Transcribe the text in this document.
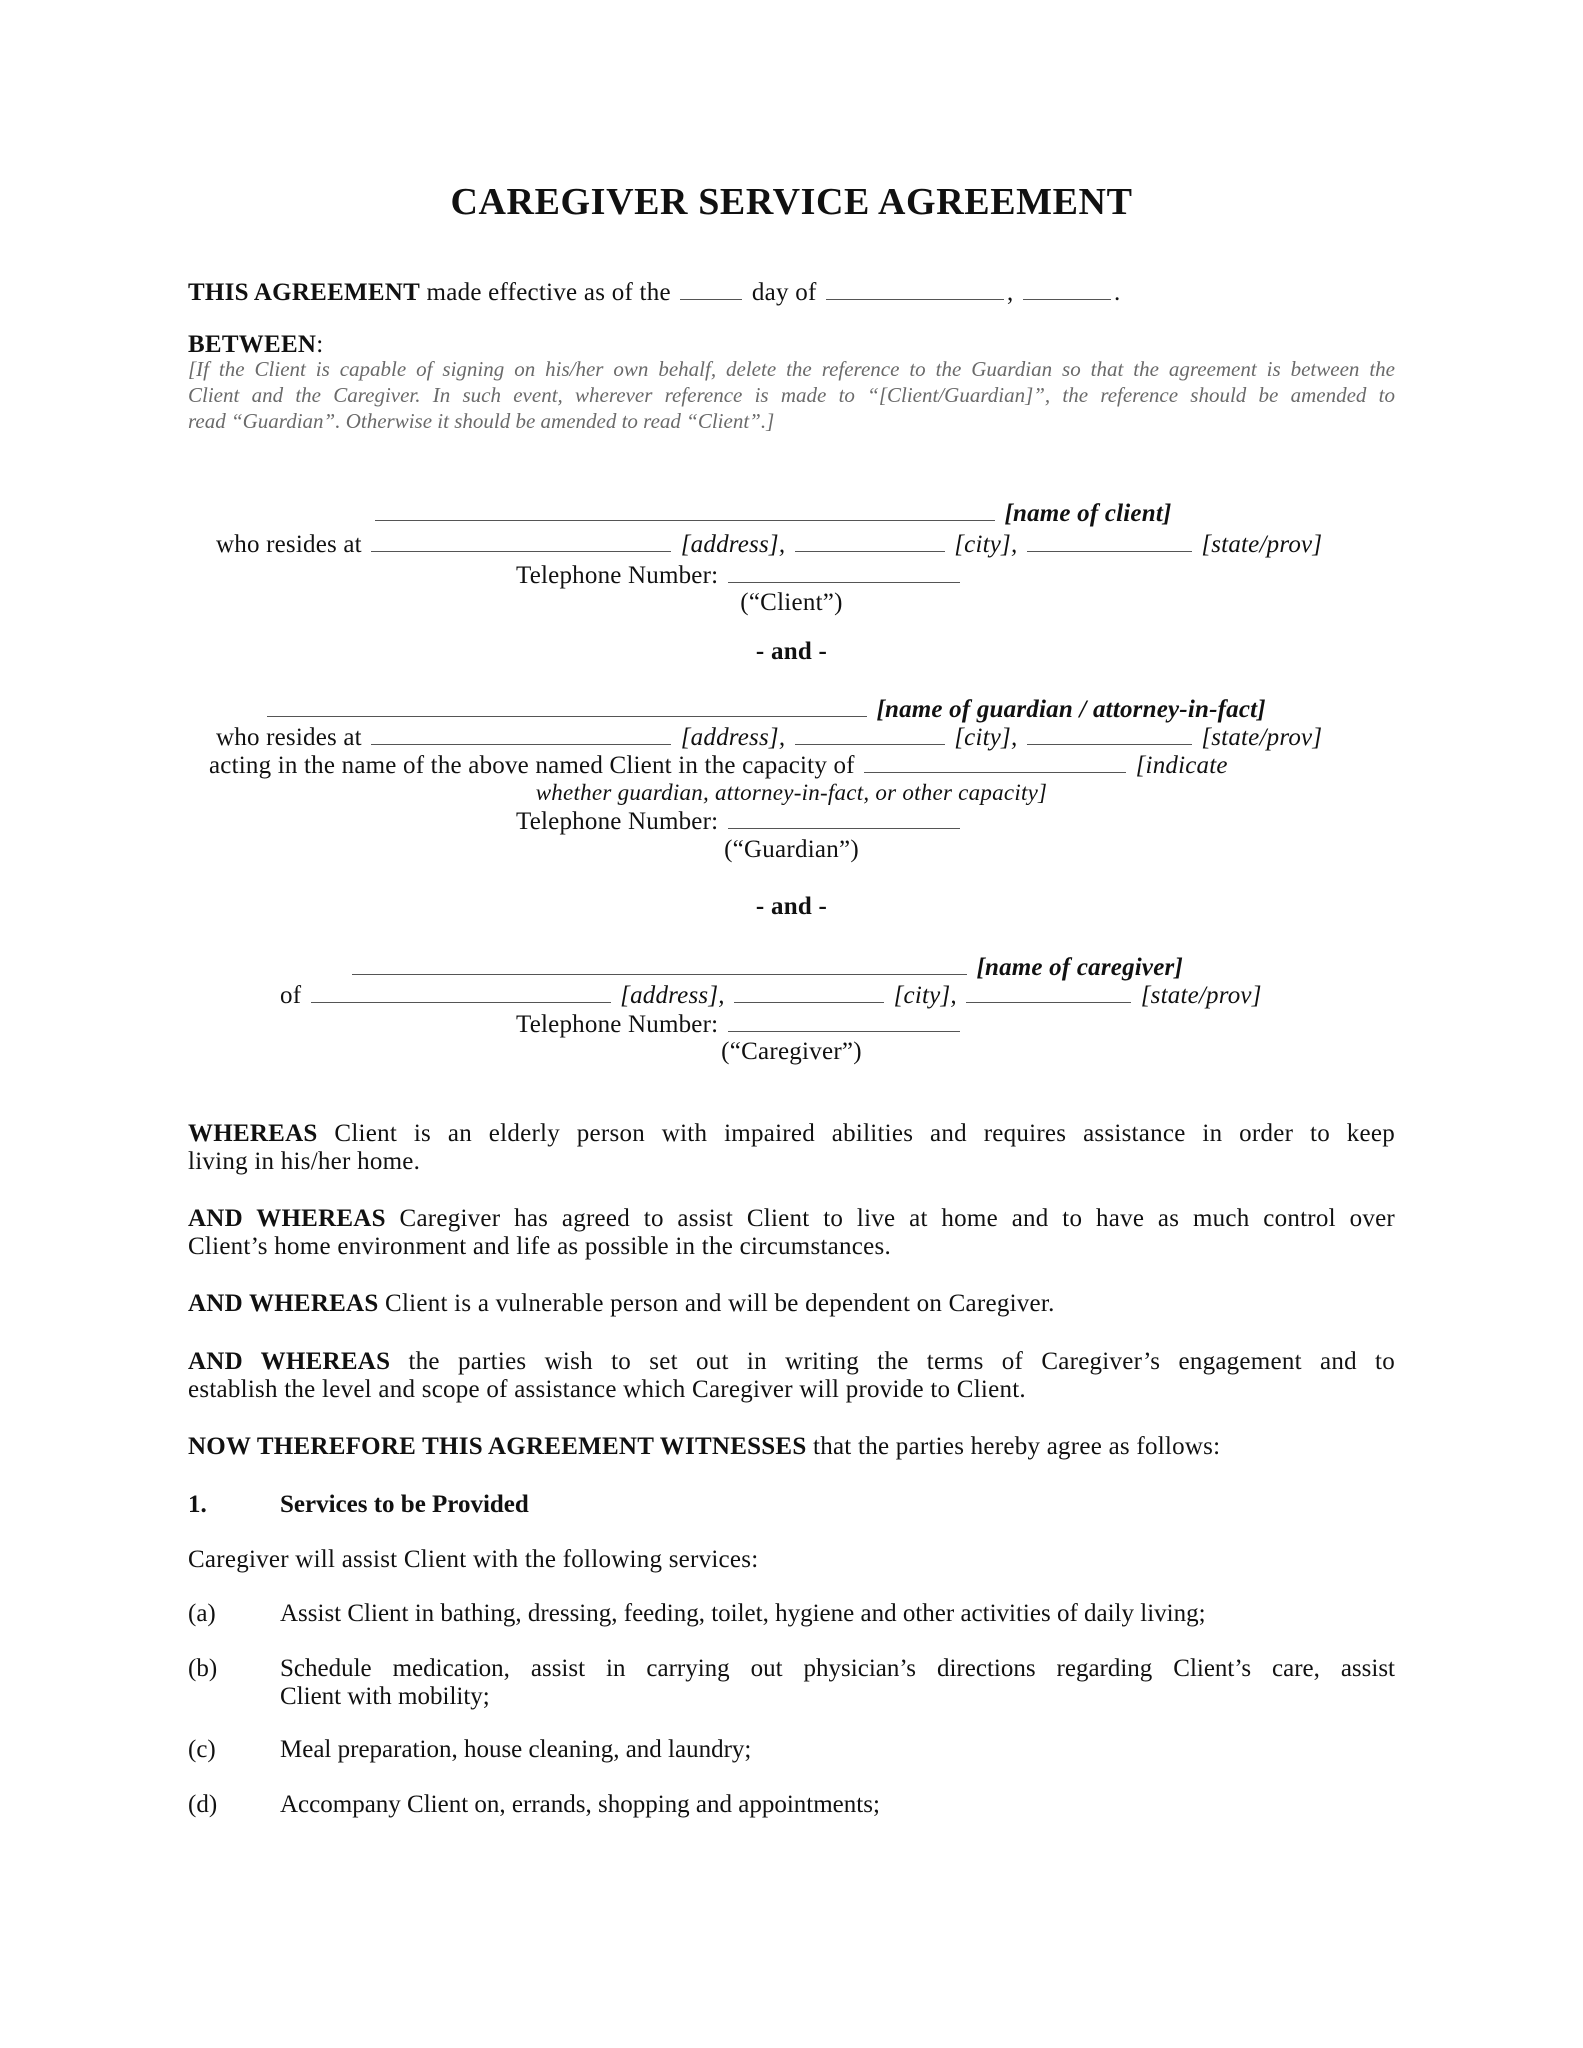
CAREGIVER SERVICE AGREEMENT
THIS AGREEMENT made effective as of the	day of	,	.
BETWEEN:
[If the Client is capable of signing on his/her own behalf, delete the reference to the Guardian so that the agreement is between the
Client and the Caregiver. In such event, wherever reference is made to “[Client/Guardian]”, the reference should be amended to
read “Guardian”. Otherwise it should be amended to read “Client”.]
[name of client]
who resides at	[address],	[city],	[state/prov]
Telephone Number:
(“Client”)
- and -
[name of guardian / attorney-in-fact]
who resides at	[address],	[city],	[state/prov]
acting in the name of the above named Client in the capacity of	[indicate
whether guardian, attorney-in-fact, or other capacity]
Telephone Number:
(“Guardian”)
- and -
[name of caregiver]
of	[address],	[city],	[state/prov]
Telephone Number:
(“Caregiver”)
WHEREAS Client is an elderly person with impaired abilities and requires assistance in order to keep
living in his/her home.
AND WHEREAS Caregiver has agreed to assist Client to live at home and to have as much control over
Client’s home environment and life as possible in the circumstances.
AND WHEREAS Client is a vulnerable person and will be dependent on Caregiver.
AND WHEREAS the parties wish to set out in writing the terms of Caregiver’s engagement and to
establish the level and scope of assistance which Caregiver will provide to Client.
NOW THEREFORE THIS AGREEMENT WITNESSES that the parties hereby agree as follows:
1.	Services to be Provided
Caregiver will assist Client with the following services:
(a)	Assist Client in bathing, dressing, feeding, toilet, hygiene and other activities of daily living;
(b)	Schedule medication, assist in carrying out physician’s directions regarding Client’s care, assist
Client with mobility;
(c)	Meal preparation, house cleaning, and laundry;
(d)	Accompany Client on, errands, shopping and appointments;
